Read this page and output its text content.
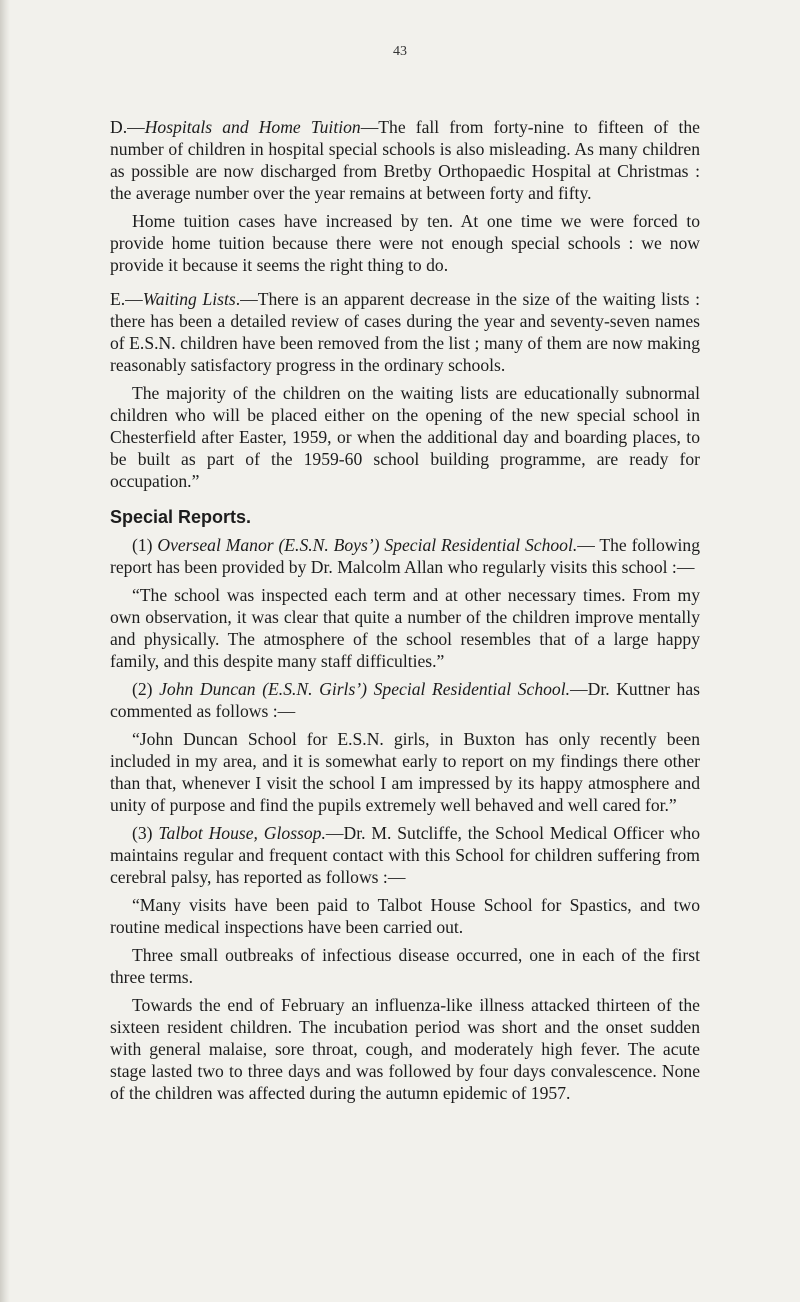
43

D.—Hospitals and Home Tuition—The fall from forty-nine to fifteen of the number of children in hospital special schools is also misleading. As many children as possible are now discharged from Bretby Orthopaedic Hospital at Christmas : the average number over the year remains at between forty and fifty.

Home tuition cases have increased by ten. At one time we were forced to provide home tuition because there were not enough special schools : we now provide it because it seems the right thing to do.

E.—Waiting Lists.—There is an apparent decrease in the size of the waiting lists : there has been a detailed review of cases during the year and seventy-seven names of E.S.N. children have been removed from the list ; many of them are now making reasonably satisfactory progress in the ordinary schools.

The majority of the children on the waiting lists are educationally subnormal children who will be placed either on the opening of the new special school in Chesterfield after Easter, 1959, or when the additional day and boarding places, to be built as part of the 1959-60 school building programme, are ready for occupation.”

Special Reports.

(1) Overseal Manor (E.S.N. Boys’) Special Residential School.— The following report has been provided by Dr. Malcolm Allan who regularly visits this school :—

“The school was inspected each term and at other necessary times. From my own observation, it was clear that quite a number of the children improve mentally and physically. The atmosphere of the school resembles that of a large happy family, and this despite many staff difficulties.”

(2) John Duncan (E.S.N. Girls’) Special Residential School.—Dr. Kuttner has commented as follows :—

“John Duncan School for E.S.N. girls, in Buxton has only recently been included in my area, and it is somewhat early to report on my findings there other than that, whenever I visit the school I am impressed by its happy atmosphere and unity of purpose and find the pupils extremely well behaved and well cared for.”

(3) Talbot House, Glossop.—Dr. M. Sutcliffe, the School Medical Officer who maintains regular and frequent contact with this School for children suffering from cerebral palsy, has reported as follows :—

“Many visits have been paid to Talbot House School for Spastics, and two routine medical inspections have been carried out.

Three small outbreaks of infectious disease occurred, one in each of the first three terms.

Towards the end of February an influenza-like illness attacked thirteen of the sixteen resident children. The incubation period was short and the onset sudden with general malaise, sore throat, cough, and moderately high fever. The acute stage lasted two to three days and was followed by four days convalescence. None of the children was affected during the autumn epidemic of 1957.
